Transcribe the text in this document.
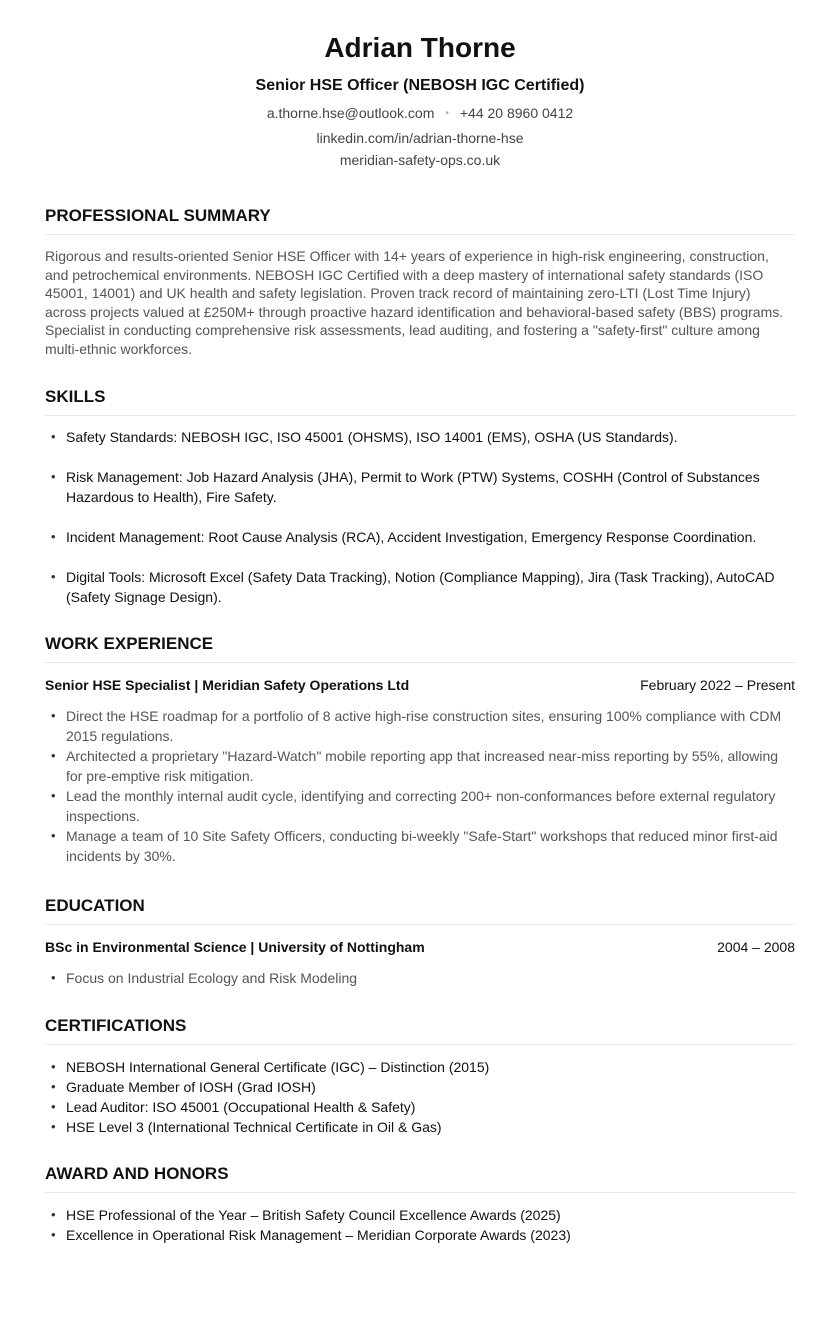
Adrian Thorne
Senior HSE Officer (NEBOSH IGC Certified)
a.thorne.hse@outlook.com • +44 20 8960 0412
linkedin.com/in/adrian-thorne-hse
meridian-safety-ops.co.uk
PROFESSIONAL SUMMARY
Rigorous and results-oriented Senior HSE Officer with 14+ years of experience in high-risk engineering, construction, and petrochemical environments. NEBOSH IGC Certified with a deep mastery of international safety standards (ISO 45001, 14001) and UK health and safety legislation. Proven track record of maintaining zero-LTI (Lost Time Injury) across projects valued at £250M+ through proactive hazard identification and behavioral-based safety (BBS) programs. Specialist in conducting comprehensive risk assessments, lead auditing, and fostering a "safety-first" culture among multi-ethnic workforces.
SKILLS
• Safety Standards: NEBOSH IGC, ISO 45001 (OHSMS), ISO 14001 (EMS), OSHA (US Standards).
• Risk Management: Job Hazard Analysis (JHA), Permit to Work (PTW) Systems, COSHH (Control of Substances Hazardous to Health), Fire Safety.
• Incident Management: Root Cause Analysis (RCA), Accident Investigation, Emergency Response Coordination.
• Digital Tools: Microsoft Excel (Safety Data Tracking), Notion (Compliance Mapping), Jira (Task Tracking), AutoCAD (Safety Signage Design).
WORK EXPERIENCE
Senior HSE Specialist | Meridian Safety Operations Ltd	February 2022 – Present
• Direct the HSE roadmap for a portfolio of 8 active high-rise construction sites, ensuring 100% compliance with CDM 2015 regulations.
• Architected a proprietary "Hazard-Watch" mobile reporting app that increased near-miss reporting by 55%, allowing for pre-emptive risk mitigation.
• Lead the monthly internal audit cycle, identifying and correcting 200+ non-conformances before external regulatory inspections.
• Manage a team of 10 Site Safety Officers, conducting bi-weekly "Safe-Start" workshops that reduced minor first-aid incidents by 30%.
EDUCATION
BSc in Environmental Science | University of Nottingham	2004 – 2008
• Focus on Industrial Ecology and Risk Modeling
CERTIFICATIONS
• NEBOSH International General Certificate (IGC) – Distinction (2015)
• Graduate Member of IOSH (Grad IOSH)
• Lead Auditor: ISO 45001 (Occupational Health & Safety)
• HSE Level 3 (International Technical Certificate in Oil & Gas)
AWARD AND HONORS
• HSE Professional of the Year – British Safety Council Excellence Awards (2025)
• Excellence in Operational Risk Management – Meridian Corporate Awards (2023)
